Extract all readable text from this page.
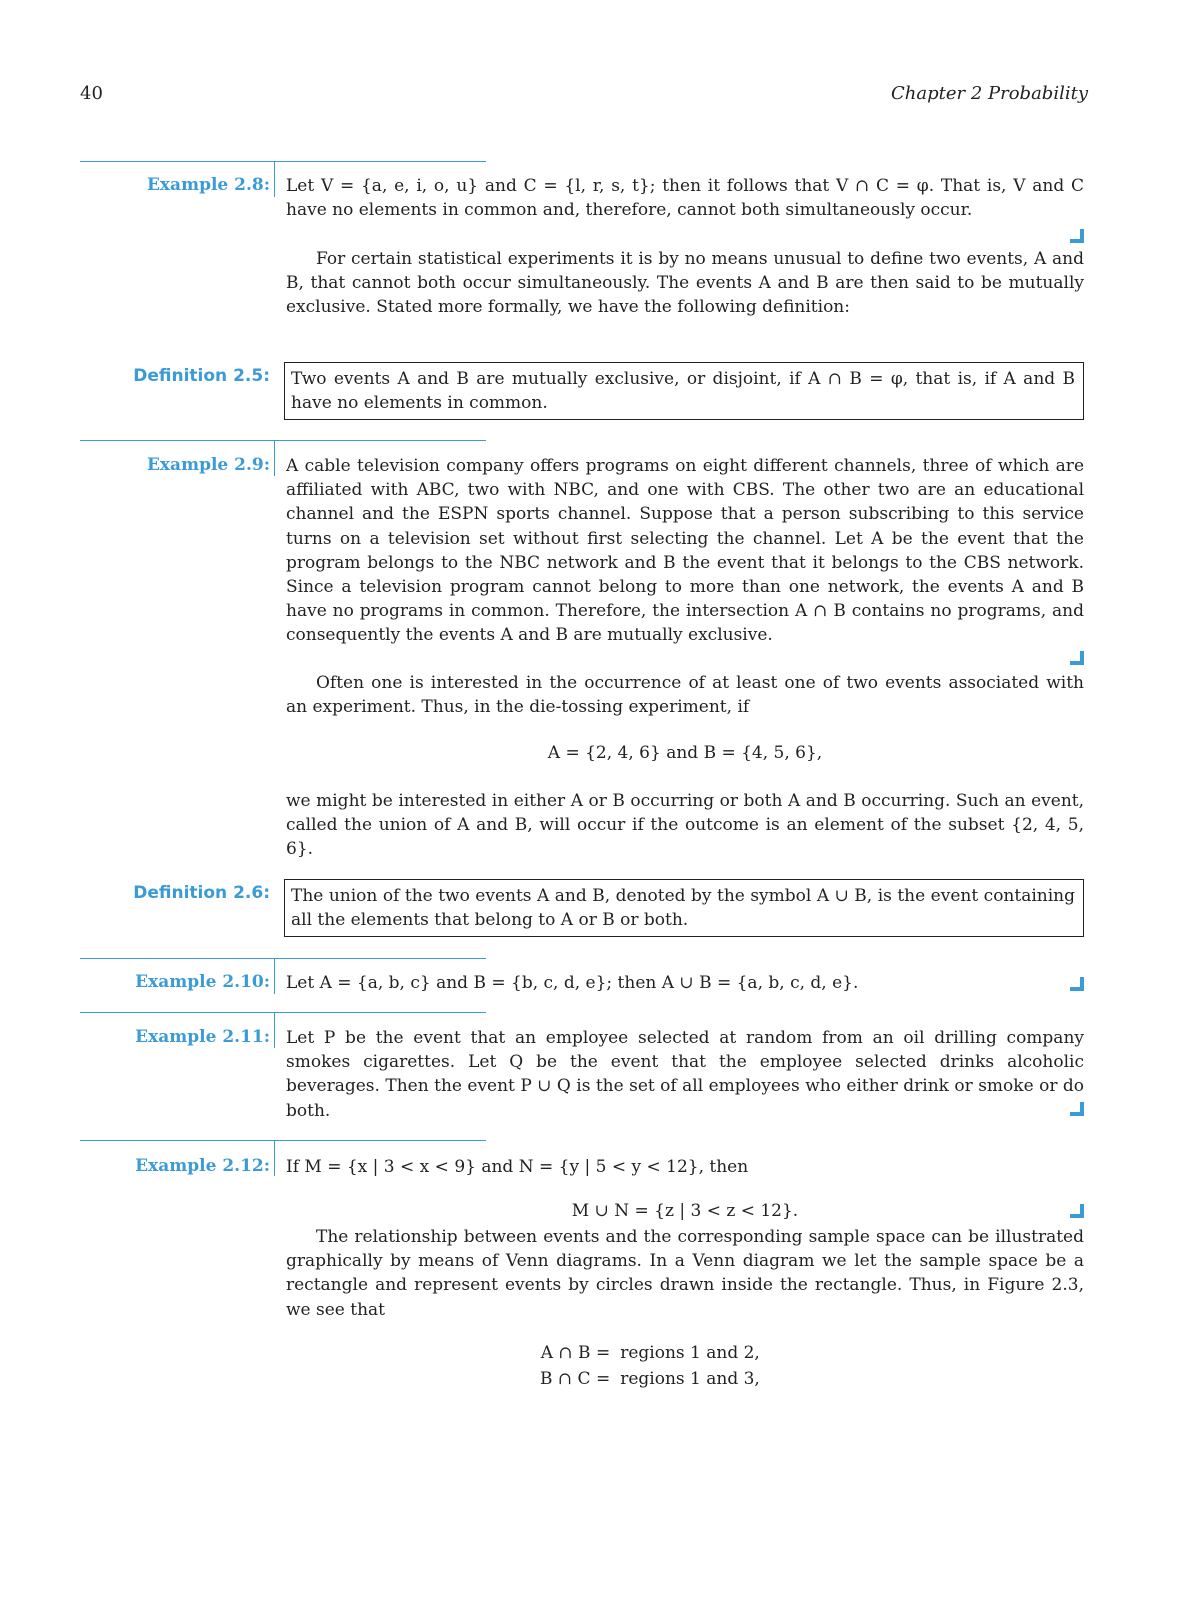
40	Chapter 2 Probability
Example 2.8: Let V = {a, e, i, o, u} and C = {l, r, s, t}; then it follows that V ∩ C = φ. That is, V and C have no elements in common and, therefore, cannot both simultaneously occur.

For certain statistical experiments it is by no means unusual to define two events, A and B, that cannot both occur simultaneously. The events A and B are then said to be mutually exclusive. Stated more formally, we have the following definition:

Definition 2.5:	Two events A and B are mutually exclusive, or disjoint, if A ∩ B = φ, that is, if A and B have no elements in common.
Example 2.9: A cable television company offers programs on eight different channels, three of which are affiliated with ABC, two with NBC, and one with CBS. The other two are an educational channel and the ESPN sports channel. Suppose that a person subscribing to this service turns on a television set without first selecting the channel. Let A be the event that the program belongs to the NBC network and B the event that it belongs to the CBS network. Since a television program cannot belong to more than one network, the events A and B have no programs in common. Therefore, the intersection A ∩ B contains no programs, and consequently the events A and B are mutually exclusive.

Often one is interested in the occurrence of at least one of two events associated with an experiment. Thus, in the die-tossing experiment, if

A = {2, 4, 6} and B = {4, 5, 6},

we might be interested in either A or B occurring or both A and B occurring. Such an event, called the union of A and B, will occur if the outcome is an element of the subset {2, 4, 5, 6}.

Definition 2.6:	The union of the two events A and B, denoted by the symbol A ∪ B, is the event containing all the elements that belong to A or B or both.
Example 2.10: Let A = {a, b, c} and B = {b, c, d, e}; then A ∪ B = {a, b, c, d, e}.

Example 2.11: Let P be the event that an employee selected at random from an oil drilling company smokes cigarettes. Let Q be the event that the employee selected drinks alcoholic beverages. Then the event P ∪ Q is the set of all employees who either drink or smoke or do both.

Example 2.12: If M = {x | 3 < x < 9} and N = {y | 5 < y < 12}, then

M ∪ N = {z | 3 < z < 12}.

The relationship between events and the corresponding sample space can be illustrated graphically by means of Venn diagrams. In a Venn diagram we let the sample space be a rectangle and represent events by circles drawn inside the rectangle. Thus, in Figure 2.3, we see that

A ∩ B =	regions 1 and 2,
B ∩ C =	regions 1 and 3,
